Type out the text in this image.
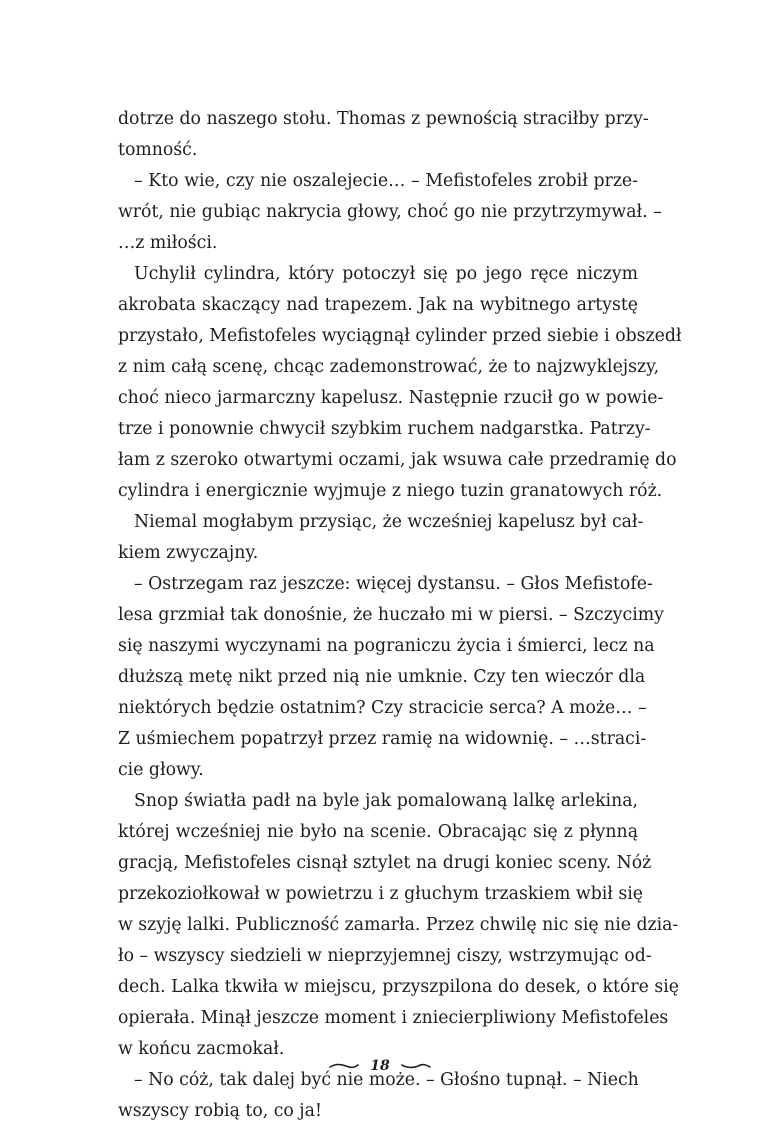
dotrze do naszego stołu. Thomas z pewnością straciłby przy-
tomność.
– Kto wie, czy nie oszalejecie… – Mefistofeles zrobił prze-
wrót, nie gubiąc nakrycia głowy, choć go nie przytrzymywał. –
…z miłości.
Uchylił cylindra, który potoczył się po jego ręce niczym
akrobata skaczący nad trapezem. Jak na wybitnego artystę
przystało, Mefistofeles wyciągnął cylinder przed siebie i obszedł
z nim całą scenę, chcąc zademonstrować, że to najzwyklejszy,
choć nieco jarmarczny kapelusz. Następnie rzucił go w powie-
trze i ponownie chwycił szybkim ruchem nadgarstka. Patrzy-
łam z szeroko otwartymi oczami, jak wsuwa całe przedramię do
cylindra i energicznie wyjmuje z niego tuzin granatowych róż.
Niemal mogłabym przysiąc, że wcześniej kapelusz był cał-
kiem zwyczajny.
– Ostrzegam raz jeszcze: więcej dystansu. – Głos Mefistofe-
lesa grzmiał tak donośnie, że huczało mi w piersi. – Szczycimy
się naszymi wyczynami na pograniczu życia i śmierci, lecz na
dłuższą metę nikt przed nią nie umknie. Czy ten wieczór dla
niektórych będzie ostatnim? Czy stracicie serca? A może… –
Z uśmiechem popatrzył przez ramię na widownię. – …straci-
cie głowy.
Snop światła padł na byle jak pomalowaną lalkę arlekina,
której wcześniej nie było na scenie. Obracając się z płynną
gracją, Mefistofeles cisnął sztylet na drugi koniec sceny. Nóż
przekoziołkował w powietrzu i z głuchym trzaskiem wbił się
w szyję lalki. Publiczność zamarła. Przez chwilę nic się nie dzia-
ło – wszyscy siedzieli w nieprzyjemnej ciszy, wstrzymując od-
dech. Lalka tkwiła w miejscu, przyszpilona do desek, o które się
opierała. Minął jeszcze moment i zniecierpliwiony Mefistofeles
w końcu zacmokał.
– No cóż, tak dalej być nie może. – Głośno tupnął. – Niech
wszyscy robią to, co ja!
18
